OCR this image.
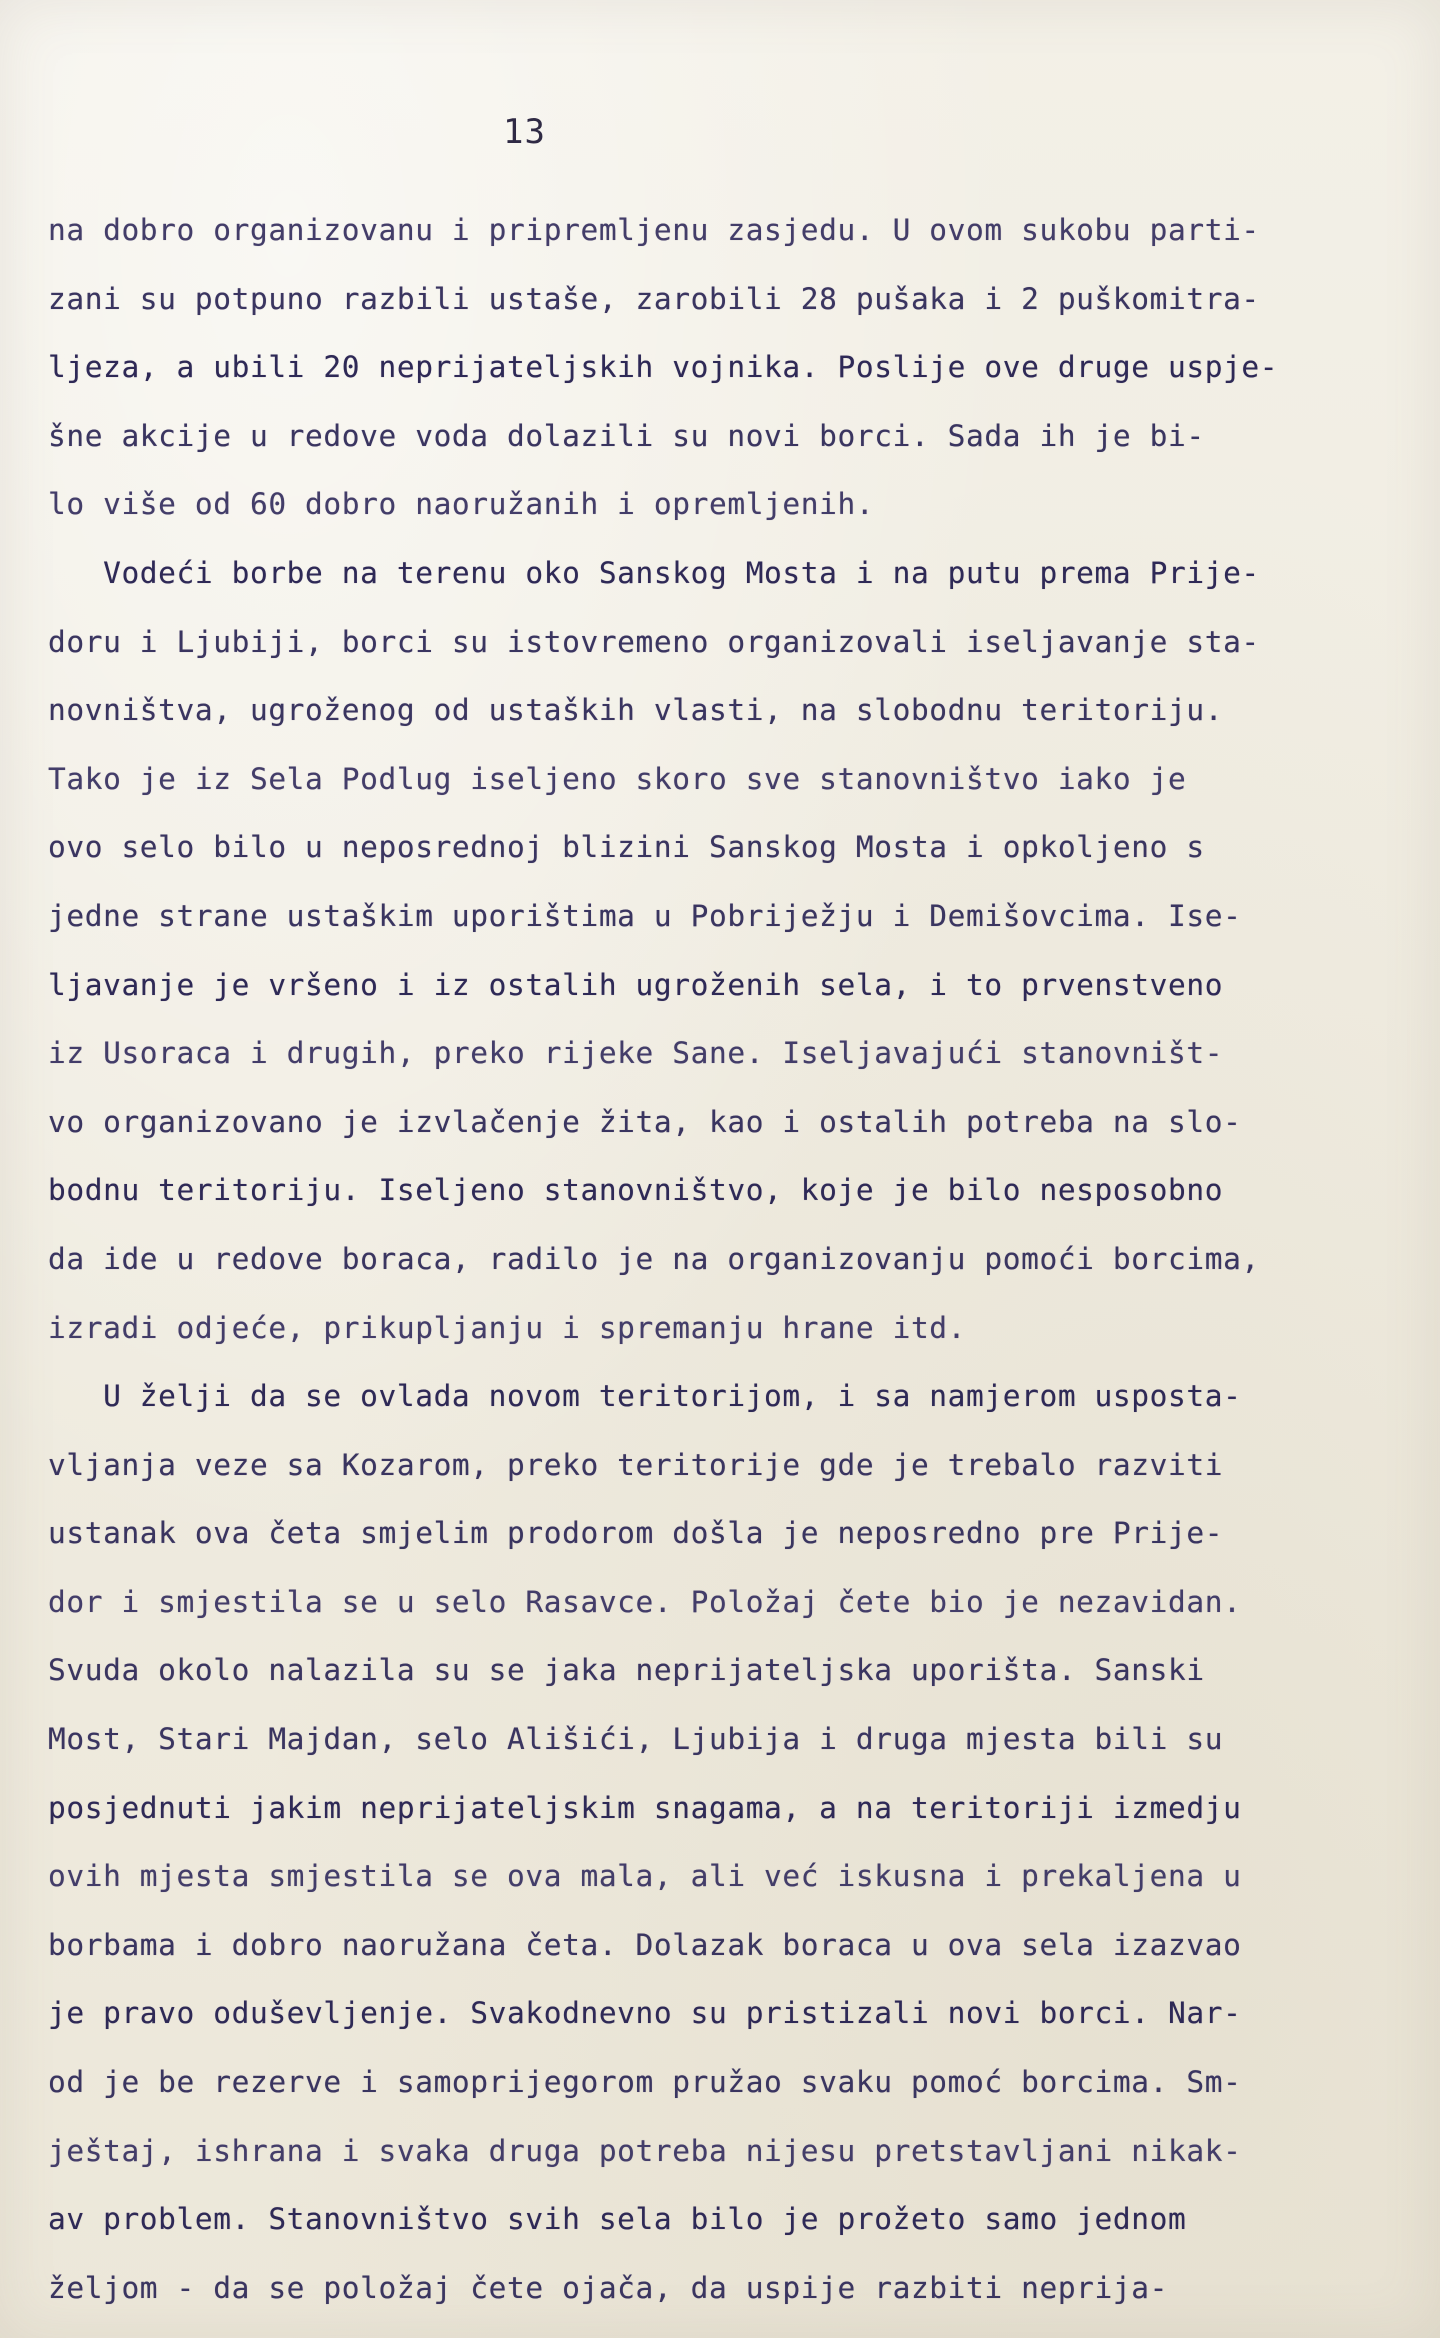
13
na dobro organizovanu i pripremljenu zasjedu. U ovom sukobu parti-
zani su potpuno razbili ustaše, zarobili 28 pušaka i 2 puškomitra-
ljeza, a ubili 20 neprijateljskih vojnika. Poslije ove druge uspje-
šne akcije u redove voda dolazili su novi borci. Sada ih je bi-
lo više od 60 dobro naoružanih i opremljenih.
Vodeći borbe na terenu oko Sanskog Mosta i na putu prema Prije-
doru i Ljubiji, borci su istovremeno organizovali iseljavanje sta-
novništva, ugroženog od ustaških vlasti, na slobodnu teritoriju.
Tako je iz Sela Podlug iseljeno skoro sve stanovništvo iako je
ovo selo bilo u neposrednoj blizini Sanskog Mosta i opkoljeno s
jedne strane ustaškim uporištima u Pobriježju i Demišovcima. Ise-
ljavanje je vršeno i iz ostalih ugroženih sela, i to prvenstveno
iz Usoraca i drugih, preko rijeke Sane. Iseljavajući stanovništ-
vo organizovano je izvlačenje žita, kao i ostalih potreba na slo-
bodnu teritoriju. Iseljeno stanovništvo, koje je bilo nesposobno
da ide u redove boraca, radilo je na organizovanju pomoći borcima,
izradi odjeće, prikupljanju i spremanju hrane itd.
U želji da se ovlada novom teritorijom, i sa namjerom usposta-
vljanja veze sa Kozarom, preko teritorije gde je trebalo razviti
ustanak ova četa smjelim prodorom došla je neposredno pre Prije-
dor i smjestila se u selo Rasavce. Položaj čete bio je nezavidan.
Svuda okolo nalazila su se jaka neprijateljska uporišta. Sanski
Most, Stari Majdan, selo Ališići, Ljubija i druga mjesta bili su
posjednuti jakim neprijateljskim snagama, a na teritoriji izmedju
ovih mjesta smjestila se ova mala, ali već iskusna i prekaljena u
borbama i dobro naoružana četa. Dolazak boraca u ova sela izazvao
je pravo oduševljenje. Svakodnevno su pristizali novi borci. Nar-
od je be rezerve i samoprijegorom pružao svaku pomoć borcima. Sm-
ještaj, ishrana i svaka druga potreba nijesu pretstavljani nikak-
av problem. Stanovništvo svih sela bilo je prožeto samo jednom
željom - da se položaj čete ojača, da uspije razbiti neprija-
